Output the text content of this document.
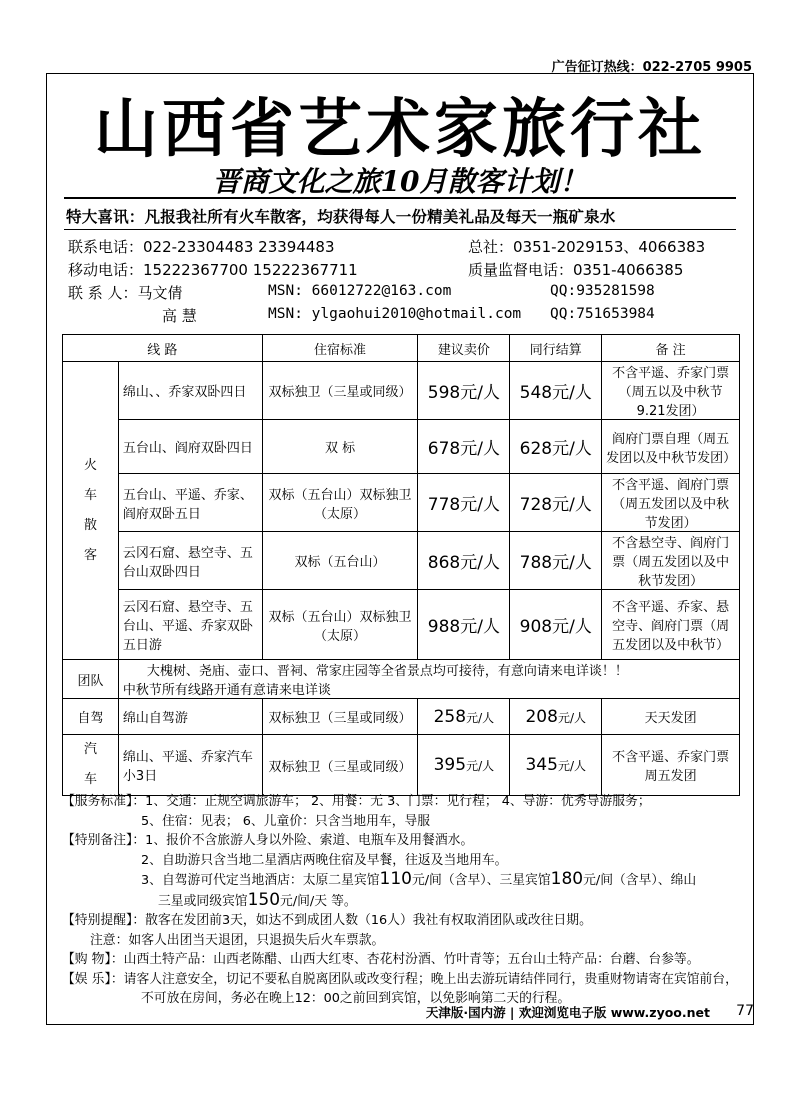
广告征订热线：022-2705 9905
山西省艺术家旅行社
晋商文化之旅10月散客计划！
特大喜讯：凡报我社所有火车散客，均获得每人一份精美礼品及每天一瓶矿泉水
联系电话：022-23304483 23394483	总社：0351-2029153、4066383
移动电话：15222367700 15222367711	质量监督电话：0351-4066385
联 系 人：马文倩	MSN: 66012722@163.com	QQ:935281598
高 慧	MSN: ylgaohui2010@hotmail.com QQ:751653984
线 路		住宿标准	建议卖价	同行结算	备 注

火
车
散
客	绵山、、乔家双卧四日	双标独卫（三星或同级）	598元/人	548元/人	不含平遥、乔家门票（周五以及中秋节9.21发团）
	五台山、阎府双卧四日	双 标	678元/人	628元/人	阎府门票自理（周五发团以及中秋节发团）
	五台山、平遥、乔家、阎府双卧五日	双标（五台山）双标独卫（太原）	778元/人	728元/人	不含平遥、阎府门票（周五发团以及中秋节发团）
	云冈石窟、悬空寺、五台山双卧四日	双标（五台山）	868元/人	788元/人	不含悬空寺、阎府门票（周五发团以及中秋节发团）
	云冈石窟、悬空寺、五台山、平遥、乔家双卧五日游	双标（五台山）双标独卫（太原）	988元/人	908元/人	不含平遥、乔家、悬空寺、阎府门票（周五发团以及中秋节）
团队	大槐树、尧庙、壶口、晋祠、常家庄园等全省景点均可接待，有意向请来电详谈！！
中秋节所有线路开通有意请来电详谈				

自驾	绵山自驾游	双标独卫（三星或同级）	258元/人	208元/人	天天发团

汽
车	绵山、平遥、乔家汽车小3日	双标独卫（三星或同级）	395元/人	345元/人	不含平遥、乔家门票周五发团
【服务标准】：1、交通：正规空调旅游车； 2、用餐：无 3、门票：见行程； 4、导游：优秀导游服务；
5、住宿：见表； 6、儿童价：只含当地用车，导服
【特别备注】：1、报价不含旅游人身以外险、索道、电瓶车及用餐酒水。
2、自助游只含当地二星酒店两晚住宿及早餐，往返及当地用车。
3、自驾游可代定当地酒店：太原二星宾馆110元/间（含早）、三星宾馆180元/间（含早）、绵山
三星或同级宾馆150元/间/天 等。
【特别提醒】：散客在发团前3天，如达不到成团人数（16人）我社有权取消团队或改往日期。
注意：如客人出团当天退团，只退损失后火车票款。
【购 物】：山西土特产品：山西老陈醋、山西大红枣、杏花村汾酒、竹叶青等；五台山土特产品：台蘑、台参等。
【娱 乐】：请客人注意安全，切记不要私自脱离团队或改变行程；晚上出去游玩请结伴同行，贵重财物请寄在宾馆前台，不可放在房间，务必在晚上12：00之前回到宾馆，以免影响第二天的行程。
天津版·国内游 | 欢迎浏览电子版 www.zyoo.net 77
